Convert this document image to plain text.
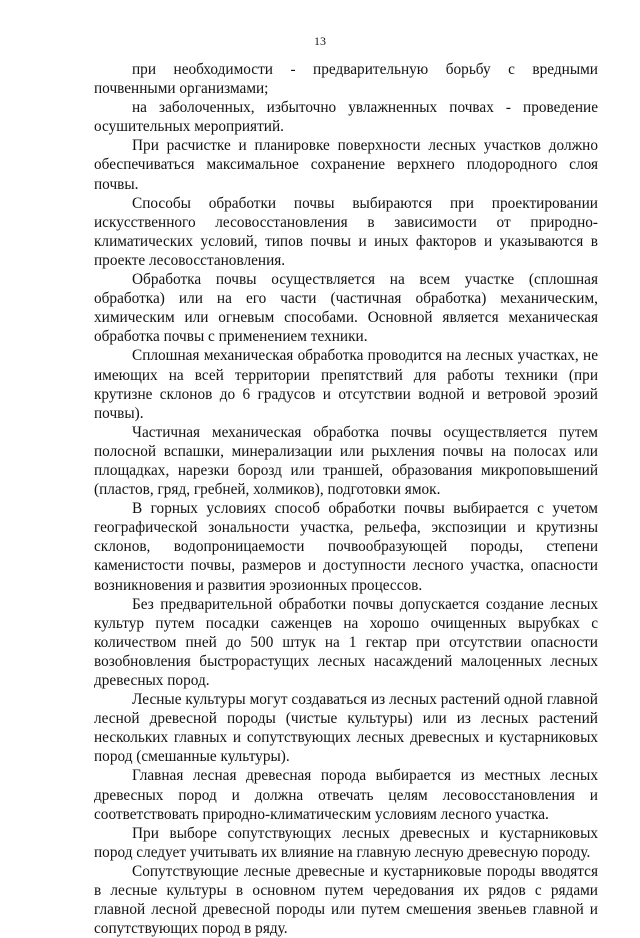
13

при необходимости - предварительную борьбу с вредными почвенными организмами;

на заболоченных, избыточно увлажненных почвах - проведение осушительных мероприятий.

При расчистке и планировке поверхности лесных участков должно обеспечиваться максимальное сохранение верхнего плодородного слоя почвы.

Способы обработки почвы выбираются при проектировании искусственного лесовосстановления в зависимости от природно-климатических условий, типов почвы и иных факторов и указываются в проекте лесовосстановления.

Обработка почвы осуществляется на всем участке (сплошная обработка) или на его части (частичная обработка) механическим, химическим или огневым способами. Основной является механическая обработка почвы с применением техники.

Сплошная механическая обработка проводится на лесных участках, не имеющих на всей территории препятствий для работы техники (при крутизне склонов до 6 градусов и отсутствии водной и ветровой эрозий почвы).

Частичная механическая обработка почвы осуществляется путем полосной вспашки, минерализации или рыхления почвы на полосах или площадках, нарезки борозд или траншей, образования микроповышений (пластов, гряд, гребней, холмиков), подготовки ямок.

В горных условиях способ обработки почвы выбирается с учетом географической зональности участка, рельефа, экспозиции и крутизны склонов, водопроницаемости почвообразующей породы, степени каменистости почвы, размеров и доступности лесного участка, опасности возникновения и развития эрозионных процессов.

Без предварительной обработки почвы допускается создание лесных культур путем посадки саженцев на хорошо очищенных вырубках с количеством пней до 500 штук на 1 гектар при отсутствии опасности возобновления быстрорастущих лесных насаждений малоценных лесных древесных пород.

Лесные культуры могут создаваться из лесных растений одной главной лесной древесной породы (чистые культуры) или из лесных растений нескольких главных и сопутствующих лесных древесных и кустарниковых пород (смешанные культуры).

Главная лесная древесная порода выбирается из местных лесных древесных пород и должна отвечать целям лесовосстановления и соответствовать природно-климатическим условиям лесного участка.

При выборе сопутствующих лесных древесных и кустарниковых пород следует учитывать их влияние на главную лесную древесную породу.

Сопутствующие лесные древесные и кустарниковые породы вводятся в лесные культуры в основном путем чередования их рядов с рядами главной лесной древесной породы или путем смешения звеньев главной и сопутствующих пород в ряду.
